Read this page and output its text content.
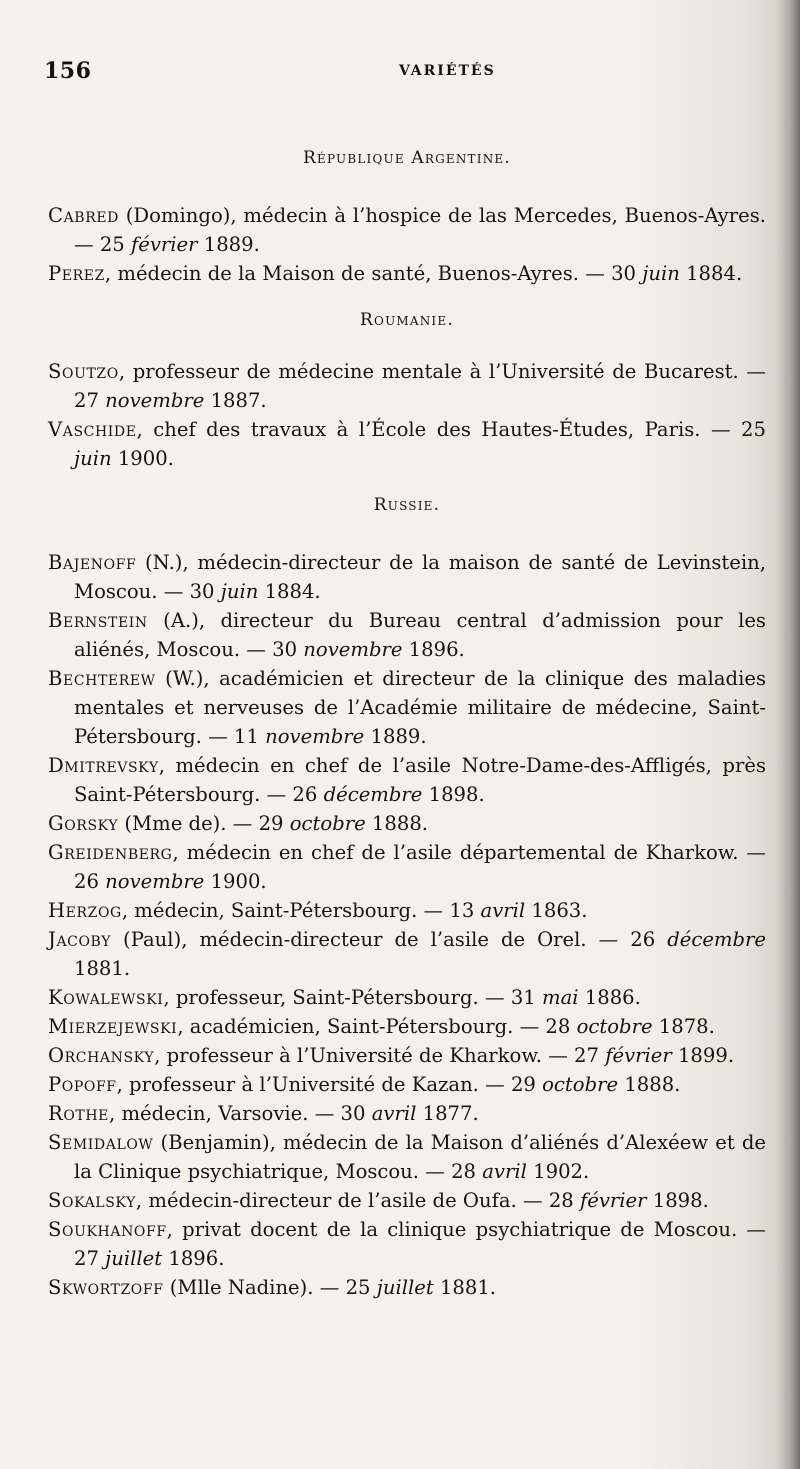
156	VARIÉTÉS

République Argentine.

Cabred (Domingo), médecin à l’hospice de las Mercedes, Buenos-Ayres. — 25 février 1889.
Perez, médecin de la Maison de santé, Buenos-Ayres. — 30 juin 1884.

Roumanie.

Soutzo, professeur de médecine mentale à l’Université de Bucarest. — 27 novembre 1887.
Vaschide, chef des travaux à l’École des Hautes-Études, Paris. — 25 juin 1900.

Russie.

Bajenoff (N.), médecin-directeur de la maison de santé de Levinstein, Moscou. — 30 juin 1884.
Bernstein (A.), directeur du Bureau central d’admission pour les aliénés, Moscou. — 30 novembre 1896.
Bechterew (W.), académicien et directeur de la clinique des maladies mentales et nerveuses de l’Académie militaire de médecine, Saint-Pétersbourg. — 11 novembre 1889.
Dmitrevsky, médecin en chef de l’asile Notre-Dame-des-Affligés, près Saint-Pétersbourg. — 26 décembre 1898.
Gorsky (Mme de). — 29 octobre 1888.
Greidenberg, médecin en chef de l’asile départemental de Kharkow. — 26 novembre 1900.
Herzog, médecin, Saint-Pétersbourg. — 13 avril 1863.
Jacoby (Paul), médecin-directeur de l’asile de Orel. — 26 décembre 1881.
Kowalewski, professeur, Saint-Pétersbourg. — 31 mai 1886.
Mierzejewski, académicien, Saint-Pétersbourg. — 28 octobre 1878.
Orchansky, professeur à l’Université de Kharkow. — 27 février 1899.
Popoff, professeur à l’Université de Kazan. — 29 octobre 1888.
Rothe, médecin, Varsovie. — 30 avril 1877.
Semidalow (Benjamin), médecin de la Maison d’aliénés d’Alexéew et de la Clinique psychiatrique, Moscou. — 28 avril 1902.
Sokalsky, médecin-directeur de l’asile de Oufa. — 28 février 1898.
Soukhanoff, privat docent de la clinique psychiatrique de Moscou. — 27 juillet 1896.
Skwortzoff (Mlle Nadine). — 25 juillet 1881.
